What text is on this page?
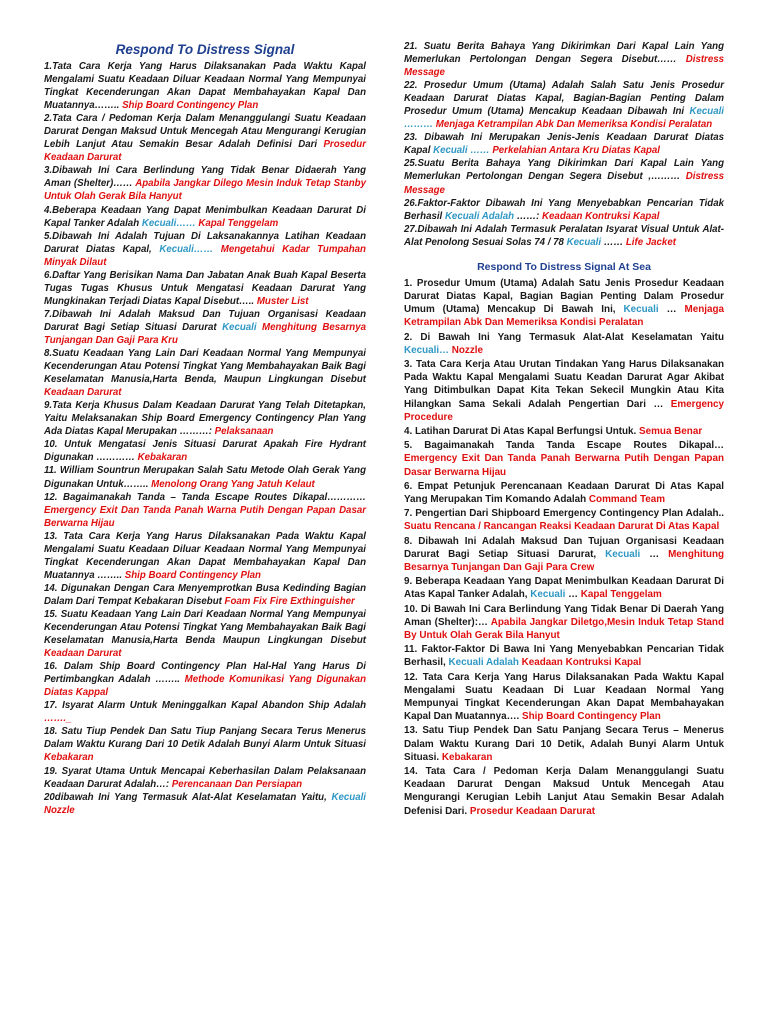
Respond To Distress Signal

1.Tata Cara Kerja Yang Harus Dilaksanakan Pada Waktu Kapal Mengalami Suatu Keadaan Diluar Keadaan Normal Yang Mempunyai Tingkat Kecenderungan Akan Dapat Membahayakan Kapal Dan Muatannya…….. Ship Board Contingency Plan

2.Tata Cara / Pedoman Kerja Dalam Menanggulangi Suatu Keadaan Darurat Dengan Maksud Untuk Mencegah Atau Mengurangi Kerugian Lebih Lanjut Atau Semakin Besar Adalah Definisi Dari Prosedur Keadaan Darurat

3.Dibawah Ini Cara Berlindung Yang Tidak Benar Didaerah Yang Aman (Shelter)…… Apabila Jangkar Dilego Mesin Induk Tetap Stanby Untuk Olah Gerak Bila Hanyut

4.Beberapa Keadaan Yang Dapat Menimbulkan Keadaan Darurat Di Kapal Tanker Adalah Kecuali…… Kapal Tenggelam

5.Dibawah Ini Adalah Tujuan Di Laksanakannya Latihan Keadaan Darurat Diatas Kapal, Kecuali…… Mengetahui Kadar Tumpahan Minyak Dilaut

6.Daftar Yang Berisikan Nama Dan Jabatan Anak Buah Kapal Beserta Tugas Tugas Khusus Untuk Mengatasi Keadaan Darurat Yang Mungkinakan Terjadi Diatas Kapal Disebut….. Muster List

7.Dibawah Ini Adalah Maksud Dan Tujuan Organisasi Keadaan Darurat Bagi Setiap Situasi Darurat Kecuali Menghitung Besarnya Tunjangan Dan Gaji Para Kru

8.Suatu Keadaan Yang Lain Dari Keadaan Normal Yang Mempunyai Kecenderungan Atau Potensi Tingkat Yang Membahayakan Baik Bagi Keselamatan Manusia,Harta Benda, Maupun Lingkungan Disebut Keadaan Darurat

9.Tata Kerja Khusus Dalam Keadaan Darurat Yang Telah Ditetapkan, Yaitu Melaksanakan Ship Board Emergency Contingency Plan Yang Ada Diatas Kapal Merupakan ………: Pelaksanaan

10. Untuk Mengatasi Jenis Situasi Darurat Apakah Fire Hydrant Digunakan ………… Kebakaran

11. William Sountrun Merupakan Salah Satu Metode Olah Gerak Yang Digunakan Untuk…….. Menolong Orang Yang Jatuh Kelaut

12. Bagaimanakah Tanda – Tanda Escape Routes Dikapal………… Emergency Exit Dan Tanda Panah Warna Putih Dengan Papan Dasar Berwarna Hijau

13. Tata Cara Kerja Yang Harus Dilaksanakan Pada Waktu Kapal Mengalami Suatu Keadaan Diluar Keadaan Normal Yang Mempunyai Tingkat Kecenderungan Akan Dapat Membahayakan Kapal Dan Muatannya …….. Ship Board Contingency Plan

14. Digunakan Dengan Cara Menyemprotkan Busa Kedinding Bagian Dalam Dari Tempat Kebakaran Disebut Foam Fix Fire Exthinguisher

15. Suatu Keadaan Yang Lain Dari Keadaan Normal Yang Mempunyai Kecenderungan Atau Potensi Tingkat Yang Membahayakan Baik Bagi Keselamatan Manusia,Harta Benda Maupun Lingkungan Disebut Keadaan Darurat

16. Dalam Ship Board Contingency Plan Hal-Hal Yang Harus Di Pertimbangkan Adalah …….. Methode Komunikasi Yang Digunakan Diatas Kappal

17. Isyarat Alarm Untuk Meninggalkan Kapal Abandon Ship Adalah ……._

18. Satu Tiup Pendek Dan Satu Tiup Panjang Secara Terus Menerus Dalam Waktu Kurang Dari 10 Detik Adalah Bunyi Alarm Untuk Situasi Kebakaran

19. Syarat Utama Untuk Mencapai Keberhasilan Dalam Pelaksanaan Keadaan Darurat Adalah…: Perencanaan Dan Persiapan

20dibawah Ini Yang Termasuk Alat-Alat Keselamatan Yaitu, Kecuali Nozzle

21. Suatu Berita Bahaya Yang Dikirimkan Dari Kapal Lain Yang Memerlukan Pertolongan Dengan Segera Disebut…… Distress Message

22. Prosedur Umum (Utama) Adalah Salah Satu Jenis Prosedur Keadaan Darurat Diatas Kapal, Bagian-Bagian Penting Dalam Prosedur Umum (Utama) Mencakup Keadaan Dibawah Ini Kecuali ……… Menjaga Ketrampilan Abk Dan Memeriksa Kondisi Peralatan

23. Dibawah Ini Merupakan Jenis-Jenis Keadaan Darurat Diatas Kapal Kecuali …… Perkelahian Antara Kru Diatas Kapal

25.Suatu Berita Bahaya Yang Dikirimkan Dari Kapal Lain Yang Memerlukan Pertolongan Dengan Segera Disebut ,……… Distress Message

26.Faktor-Faktor Dibawah Ini Yang Menyebabkan Pencarian Tidak Berhasil Kecuali Adalah ……: Keadaan Kontruksi Kapal

27.Dibawah Ini Adalah Termasuk Peralatan Isyarat Visual Untuk Alat-Alat Penolong Sesuai Solas 74 / 78 Kecuali …… Life Jacket

Respond To Distress Signal At Sea

1. Prosedur Umum (Utama) Adalah Satu Jenis Prosedur Keadaan Darurat Diatas Kapal, Bagian Bagian Penting Dalam Prosedur Umum (Utama) Mencakup Di Bawah Ini, Kecuali … Menjaga Ketrampilan Abk Dan Memeriksa Kondisi Peralatan

2. Di Bawah Ini Yang Termasuk Alat-Alat Keselamatan Yaitu Kecuali… Nozzle

3. Tata Cara Kerja Atau Urutan Tindakan Yang Harus Dilaksanakan Pada Waktu Kapal Mengalami Suatu Keadan Darurat Agar Akibat Yang Ditimbulkan Dapat Kita Tekan Sekecil Mungkin Atau Kita Hilangkan Sama Sekali Adalah Pengertian Dari … Emergency Procedure

4. Latihan Darurat Di Atas Kapal Berfungsi Untuk. Semua Benar

5. Bagaimanakah Tanda Tanda Escape Routes Dikapal… Emergency Exit Dan Tanda Panah Berwarna Putih Dengan Papan Dasar Berwarna Hijau

6. Empat Petunjuk Perencanaan Keadaan Darurat Di Atas Kapal Yang Merupakan Tim Komando Adalah Command Team

7. Pengertian Dari Shipboard Emergency Contingency Plan Adalah.. Suatu Rencana / Rancangan Reaksi Keadaan Darurat Di Atas Kapal

8. Dibawah Ini Adalah Maksud Dan Tujuan Organisasi Keadaan Darurat Bagi Setiap Situasi Darurat, Kecuali … Menghitung Besarnya Tunjangan Dan Gaji Para Crew

9. Beberapa Keadaan Yang Dapat Menimbulkan Keadaan Darurat Di Atas Kapal Tanker Adalah, Kecuali … Kapal Tenggelam

10. Di Bawah Ini Cara Berlindung Yang Tidak Benar Di Daerah Yang Aman (Shelter):… Apabila Jangkar Diletgo,Mesin Induk Tetap Stand By Untuk Olah Gerak Bila Hanyut

11. Faktor-Faktor Di Bawa Ini Yang Menyebabkan Pencarian Tidak Berhasil, Kecuali Adalah Keadaan Kontruksi Kapal

12. Tata Cara Kerja Yang Harus Dilaksanakan Pada Waktu Kapal Mengalami Suatu Keadaan Di Luar Keadaan Normal Yang Mempunyai Tingkat Kecenderungan Akan Dapat Membahayakan Kapal Dan Muatannya…. Ship Board Contingency Plan

13. Satu Tiup Pendek Dan Satu Panjang Secara Terus – Menerus Dalam Waktu Kurang Dari 10 Detik, Adalah Bunyi Alarm Untuk Situasi. Kebakaran

14. Tata Cara / Pedoman Kerja Dalam Menanggulangi Suatu Keadaan Darurat Dengan Maksud Untuk Mencegah Atau Mengurangi Kerugian Lebih Lanjut Atau Semakin Besar Adalah Defenisi Dari. Prosedur Keadaan Darurat
